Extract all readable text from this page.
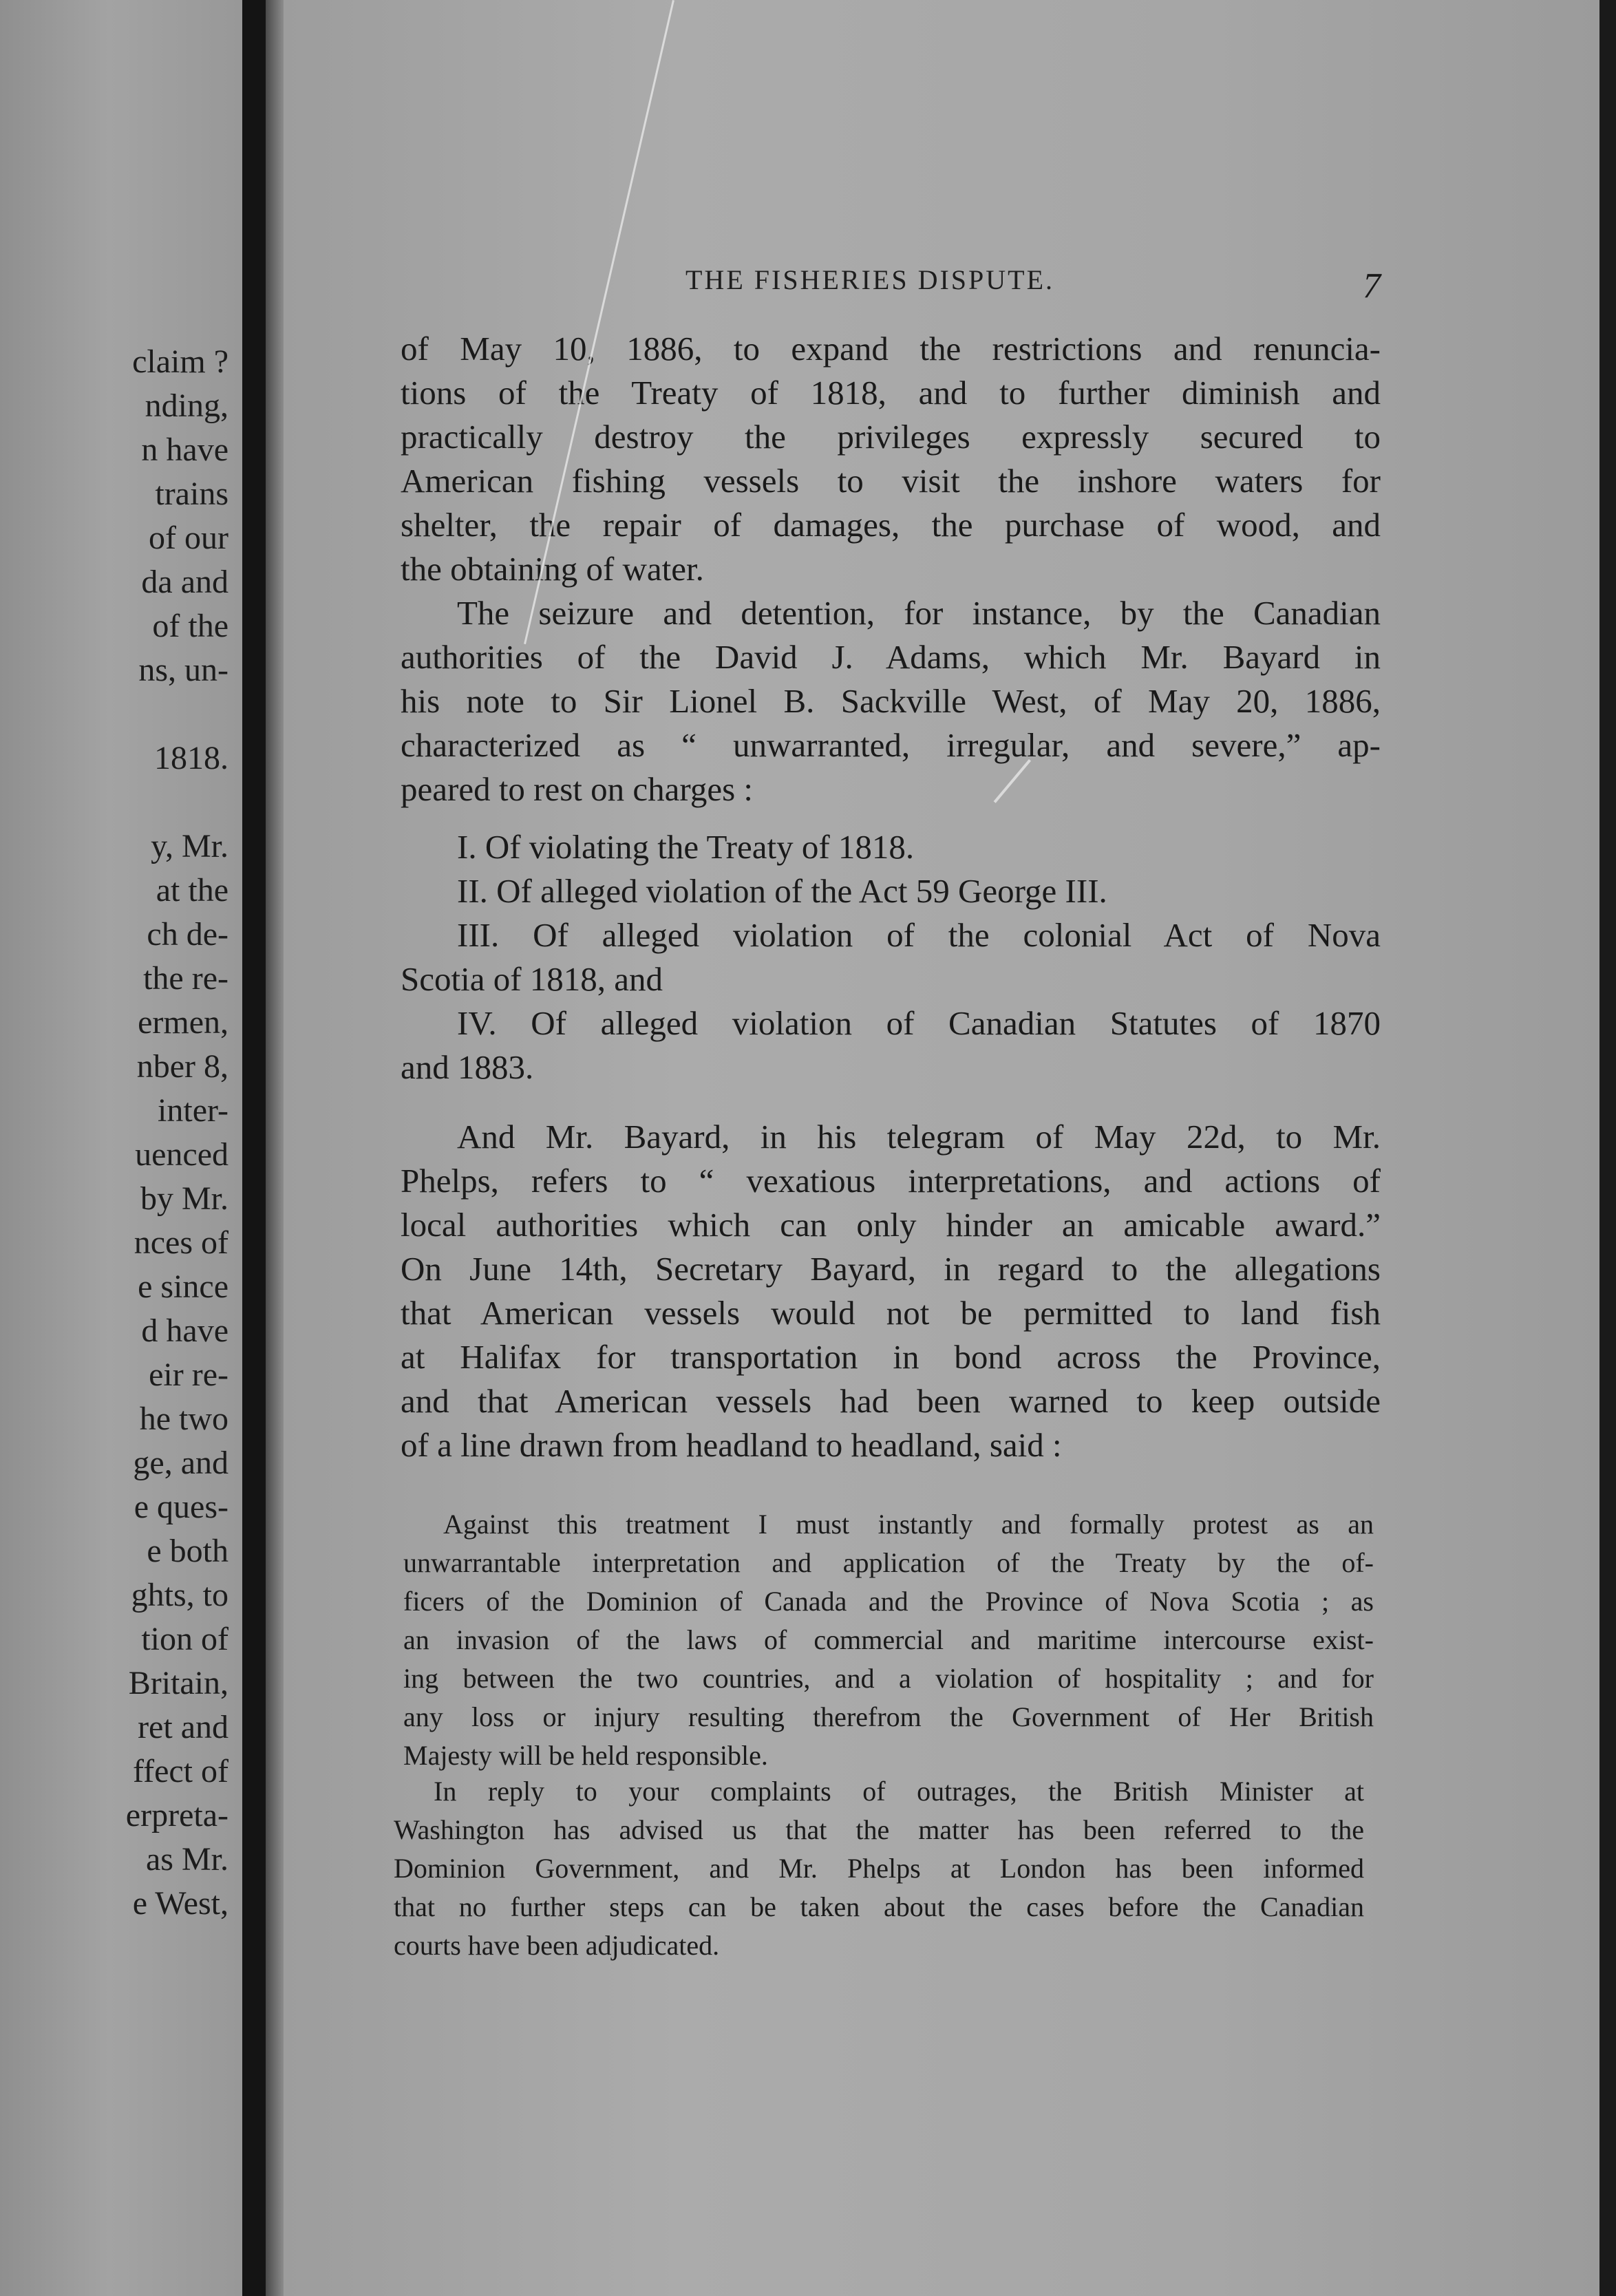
claim ?
nding,
n have
trains
of our
da and
of the
ns, un-
1818.
y, Mr.
at the
ch de-
the re-
ermen,
nber 8,
inter-
uenced
by Mr.
nces of
e since
d have
eir re-
he two
ge, and
e ques-
e both
ghts, to
tion of
Britain,
ret and
ffect of
erpreta-
as Mr.
e West,
THE FISHERIES DISPUTE.	7
of May 10, 1886, to expand the restrictions and renuncia-
tions of the Treaty of 1818, and to further diminish and
practically destroy the privileges expressly secured to
American fishing vessels to visit the inshore waters for
shelter, the repair of damages, the purchase of wood, and
the obtaining of water.
The seizure and detention, for instance, by the Canadian
authorities of the David J. Adams, which Mr. Bayard in
his note to Sir Lionel B. Sackville West, of May 20, 1886,
characterized as “ unwarranted, irregular, and severe,” ap-
peared to rest on charges :
I. Of violating the Treaty of 1818.
II. Of alleged violation of the Act 59 George III.
III. Of alleged violation of the colonial Act of Nova
Scotia of 1818, and
IV. Of alleged violation of Canadian Statutes of 1870
and 1883.
And Mr. Bayard, in his telegram of May 22d, to Mr.
Phelps, refers to “ vexatious interpretations, and actions of
local authorities which can only hinder an amicable award.”
On June 14th, Secretary Bayard, in regard to the allegations
that American vessels would not be permitted to land fish
at Halifax for transportation in bond across the Province,
and that American vessels had been warned to keep outside
of a line drawn from headland to headland, said :
Against this treatment I must instantly and formally protest as an
unwarrantable interpretation and application of the Treaty by the of-
ficers of the Dominion of Canada and the Province of Nova Scotia ; as
an invasion of the laws of commercial and maritime intercourse exist-
ing between the two countries, and a violation of hospitality ; and for
any loss or injury resulting therefrom the Government of Her British
Majesty will be held responsible.
In reply to your complaints of outrages, the British Minister at
Washington has advised us that the matter has been referred to the
Dominion Government, and Mr. Phelps at London has been informed
that no further steps can be taken about the cases before the Canadian
courts have been adjudicated.
